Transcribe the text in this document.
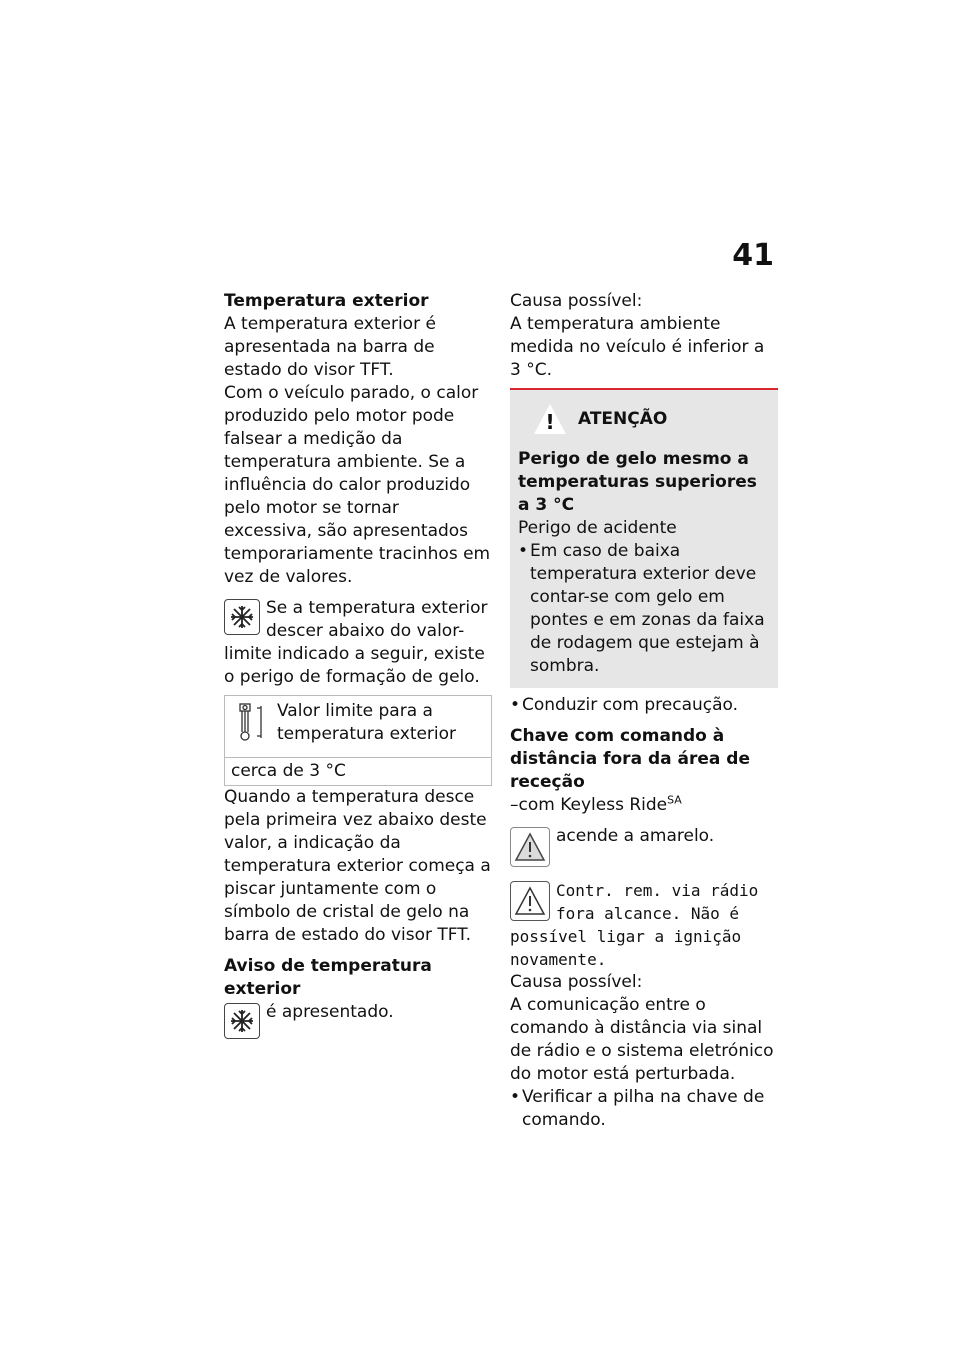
41

Temperatura exterior

A temperatura exterior é apresentada na barra de estado do visor TFT.

Com o veículo parado, o calor produzido pelo motor pode falsear a medição da temperatura ambiente. Se a influência do calor produzido pelo motor se tornar excessiva, são apresentados temporariamente tracinhos em vez de valores.

Se a temperatura exterior descer abaixo do valor-limite indicado a seguir, existe o perigo de formação de gelo.

Valor limite para a temperatura exterior
cerca de 3 °C

Quando a temperatura desce pela primeira vez abaixo deste valor, a indicação da temperatura exterior começa a piscar juntamente com o símbolo de cristal de gelo na barra de estado do visor TFT.

Aviso de temperatura exterior

é apresentado.

Causa possível:

A temperatura ambiente medida no veículo é inferior a 3 °C.

! ATENÇÃO

Perigo de gelo mesmo a temperaturas superiores a 3 °C

Perigo de acidente

• Em caso de baixa temperatura exterior deve contar-se com gelo em pontes e em zonas da faixa de rodagem que estejam à sombra.

• Conduzir com precaução.

Chave com comando à distância fora da área de receção

–com Keyless Ride$^{SA}$

acende a amarelo.

Contr. rem. via rádio fora alcance. Não é possível ligar a ignição novamente.

Causa possível:

A comunicação entre o comando à distância via sinal de rádio e o sistema eletrónico do motor está perturbada.

• Verificar a pilha na chave de comando.
